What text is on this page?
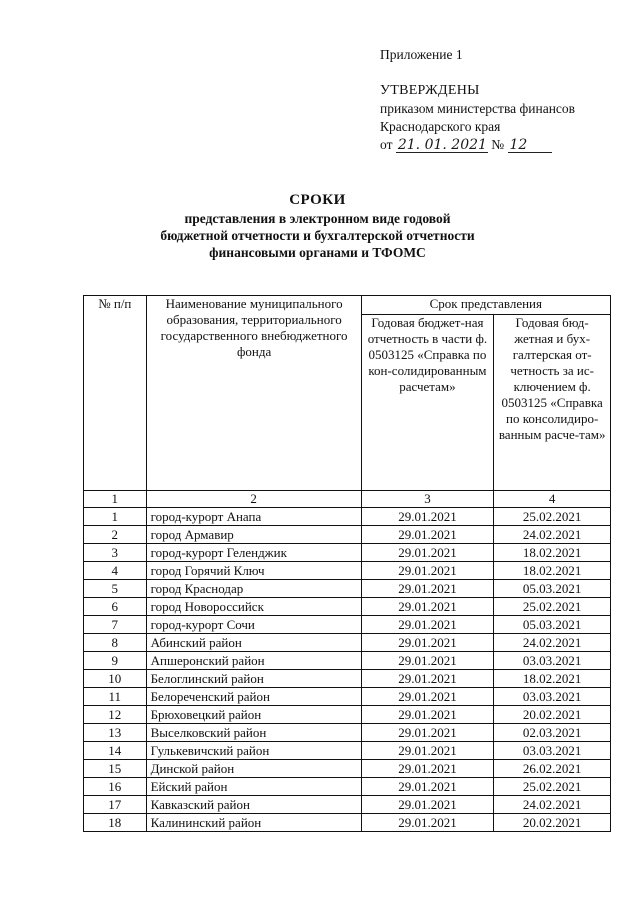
Приложение 1
УТВЕРЖДЕНЫ
приказом министерства финансов
Краснодарского края
от 21. 01. 2021 № 12
СРОКИ
представления в электронном виде годовой
бюджетной отчетности и бухгалтерской отчетности
финансовыми органами и ТФОМС
№ п/п	Наименование муниципального образования, территориального государственного внебюджетного фонда	Срок представления	
		Годовая бюджет-ная отчетность в части ф. 0503125 «Справка по кон-солидированным расчетам»	Годовая бюд-жетная и бух-галтерская от-четность за ис-ключением ф. 0503125 «Справка по консолидиро-ванным расче-там»
1	2	3	4
1	город-курорт Анапа	29.01.2021	25.02.2021
2	город Армавир	29.01.2021	24.02.2021
3	город-курорт Геленджик	29.01.2021	18.02.2021
4	город Горячий Ключ	29.01.2021	18.02.2021
5	город Краснодар	29.01.2021	05.03.2021
6	город Новороссийск	29.01.2021	25.02.2021
7	город-курорт Сочи	29.01.2021	05.03.2021
8	Абинский район	29.01.2021	24.02.2021
9	Апшеронский район	29.01.2021	03.03.2021
10	Белоглинский район	29.01.2021	18.02.2021
11	Белореченский район	29.01.2021	03.03.2021
12	Брюховецкий район	29.01.2021	20.02.2021
13	Выселковский район	29.01.2021	02.03.2021
14	Гулькевичский район	29.01.2021	03.03.2021
15	Динской район	29.01.2021	26.02.2021
16	Ейский район	29.01.2021	25.02.2021
17	Кавказский район	29.01.2021	24.02.2021
18	Калининский район	29.01.2021	20.02.2021
